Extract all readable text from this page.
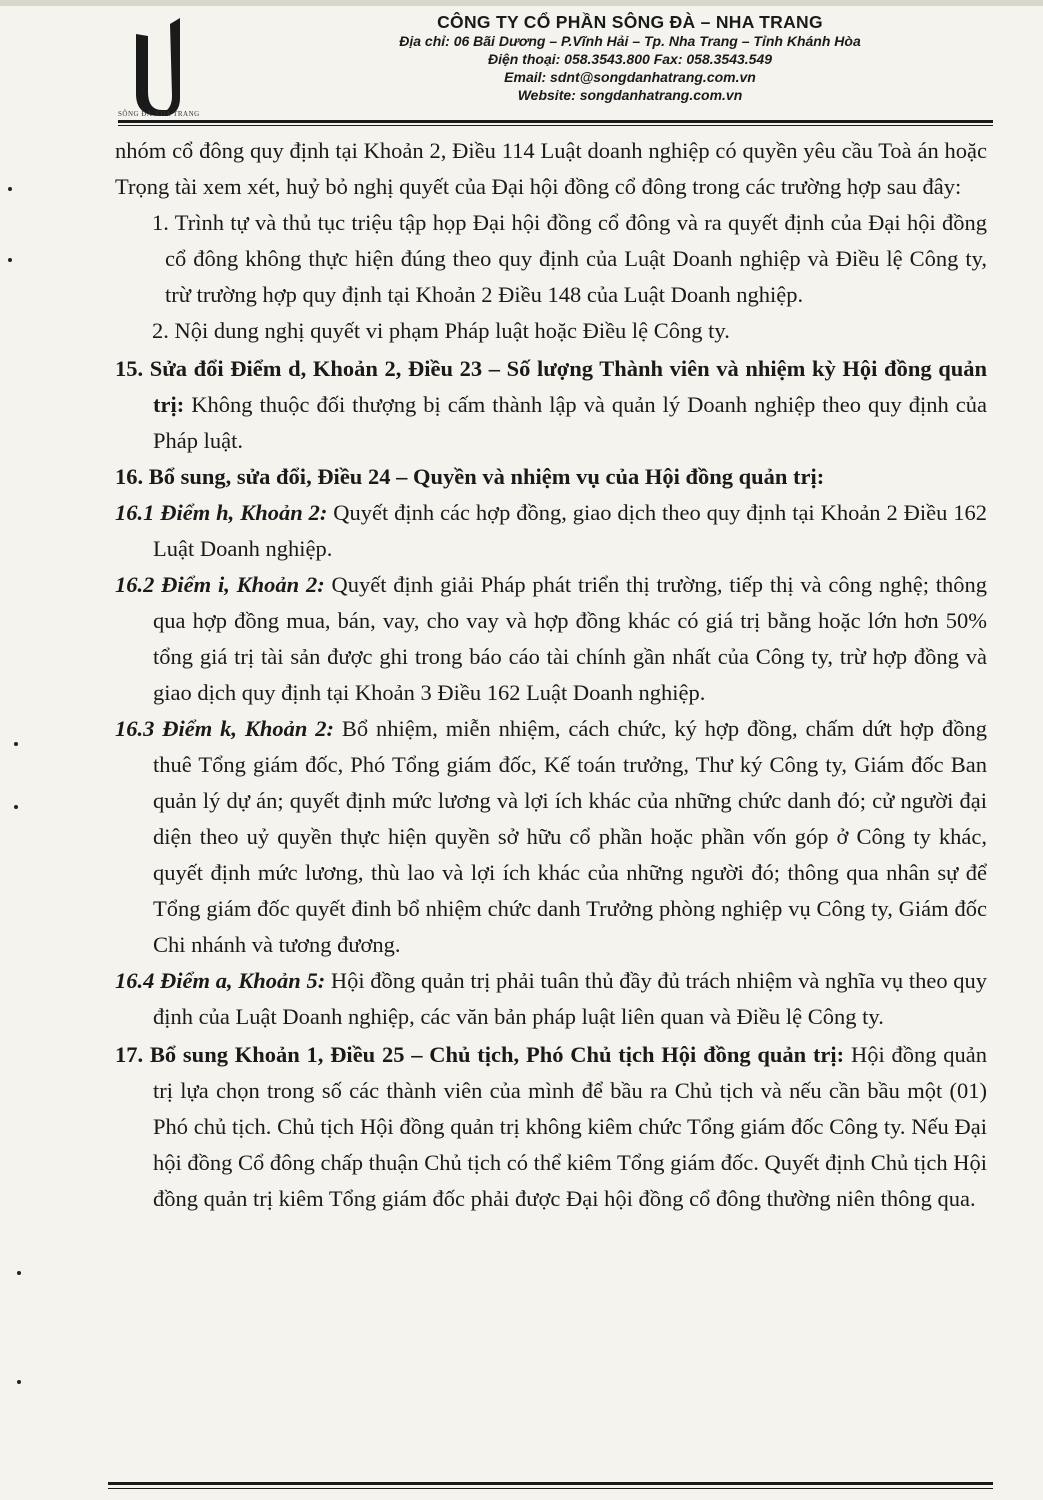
SÔNG ĐÀ NHA TRANG
CÔNG TY CỔ PHẦN SÔNG ĐÀ – NHA TRANG
Địa chỉ: 06 Bãi Dương – P.Vĩnh Hải – Tp. Nha Trang – Tỉnh Khánh Hòa
Điện thoại: 058.3543.800 Fax: 058.3543.549
Email: sdnt@songdanhatrang.com.vn
Website: songdanhatrang.com.vn

nhóm cổ đông quy định tại Khoản 2, Điều 114 Luật doanh nghiệp có quyền yêu cầu Toà án hoặc Trọng tài xem xét, huỷ bỏ nghị quyết của Đại hội đồng cổ đông trong các trường hợp sau đây:

1. Trình tự và thủ tục triệu tập họp Đại hội đồng cổ đông và ra quyết định của Đại hội đồng cổ đông không thực hiện đúng theo quy định của Luật Doanh nghiệp và Điều lệ Công ty, trừ trường hợp quy định tại Khoản 2 Điều 148 của Luật Doanh nghiệp.

2. Nội dung nghị quyết vi phạm Pháp luật hoặc Điều lệ Công ty.

15. Sửa đổi Điểm d, Khoản 2, Điều 23 – Số lượng Thành viên và nhiệm kỳ Hội đồng quản trị: Không thuộc đối thượng bị cấm thành lập và quản lý Doanh nghiệp theo quy định của Pháp luật.

16. Bổ sung, sửa đổi, Điều 24 – Quyền và nhiệm vụ của Hội đồng quản trị:

16.1 Điểm h, Khoản 2: Quyết định các hợp đồng, giao dịch theo quy định tại Khoản 2 Điều 162 Luật Doanh nghiệp.

16.2 Điểm i, Khoản 2: Quyết định giải Pháp phát triển thị trường, tiếp thị và công nghệ; thông qua hợp đồng mua, bán, vay, cho vay và hợp đồng khác có giá trị bằng hoặc lớn hơn 50% tổng giá trị tài sản được ghi trong báo cáo tài chính gần nhất của Công ty, trừ hợp đồng và giao dịch quy định tại Khoản 3 Điều 162 Luật Doanh nghiệp.

16.3 Điểm k, Khoản 2: Bổ nhiệm, miễn nhiệm, cách chức, ký hợp đồng, chấm dứt hợp đồng thuê Tổng giám đốc, Phó Tổng giám đốc, Kế toán trưởng, Thư ký Công ty, Giám đốc Ban quản lý dự án; quyết định mức lương và lợi ích khác của những chức danh đó; cử người đại diện theo uỷ quyền thực hiện quyền sở hữu cổ phần hoặc phần vốn góp ở Công ty khác, quyết định mức lương, thù lao và lợi ích khác của những người đó; thông qua nhân sự để Tổng giám đốc quyết đinh bổ nhiệm chức danh Trưởng phòng nghiệp vụ Công ty, Giám đốc Chi nhánh và tương đương.

16.4 Điểm a, Khoản 5: Hội đồng quản trị phải tuân thủ đầy đủ trách nhiệm và nghĩa vụ theo quy định của Luật Doanh nghiệp, các văn bản pháp luật liên quan và Điều lệ Công ty.

17. Bổ sung Khoản 1, Điều 25 – Chủ tịch, Phó Chủ tịch Hội đồng quản trị: Hội đồng quản trị lựa chọn trong số các thành viên của mình để bầu ra Chủ tịch và nếu cần bầu một (01) Phó chủ tịch. Chủ tịch Hội đồng quản trị không kiêm chức Tổng giám đốc Công ty. Nếu Đại hội đồng Cổ đông chấp thuận Chủ tịch có thể kiêm Tổng giám đốc. Quyết định Chủ tịch Hội đồng quản trị kiêm Tổng giám đốc phải được Đại hội đồng cổ đông thường niên thông qua.
